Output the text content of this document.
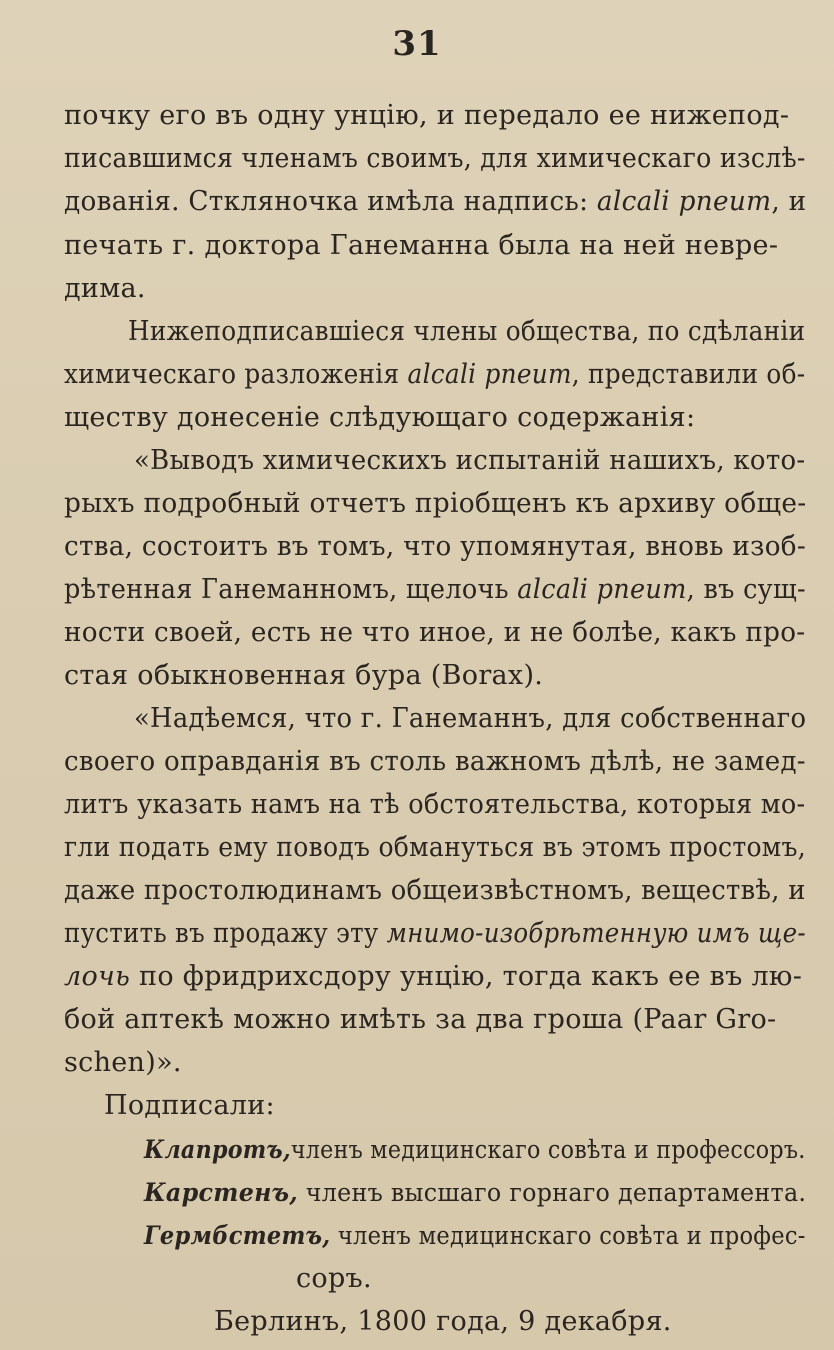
31
почку его въ одну унцію, и передало ее нижепод-
писавшимся членамъ своимъ, для химическаго изслѣ-
дованія. Стклянoчка имѣла надпись: alcali pneum, и
печать г. доктора Ганемaнна была на ней невре-
дима.
Нижеподписавшiеся члены общества, по сдѣланіи
химическаго разложенія alcali pneum, представили об-
ществу донесеніе слѣдующаго содержанія:
«Выводъ химическихъ испытаній нашихъ, кото-
рыхъ подробный отчетъ пріобщенъ къ архиву обще-
ства, состоитъ въ томъ, что упомянутая, вновь изоб-
рѣтенная Ганеманномъ, щелочь alcali pneum, въ сущ-
ности своей, есть не что иное, и не болѣе, какъ про-
стая обыкновенная бура (Borax).
«Надѣемся, что г. Ганеманнъ, для собственнаго
своего оправданія въ столь важномъ дѣлѣ, не замед-
литъ указать намъ на тѣ обстоятельства, которыя мо-
гли подать ему поводъ обмануться въ этомъ простомъ,
даже простолюдинамъ общеизвѣстномъ, веществѣ, и
пустить въ продажу эту мнимо-изобрѣтенную имъ ще-
лочь по фридрихсдору унцію, тогда какъ ее въ лю-
бой аптекѣ можно имѣть за два гроша (Paar Gro-
schen)».
Подписали:
Клапротъ,членъ медицинскаго совѣта и профессоръ.
Карстенъ, членъ высшаго горнаго департамента.
Гермбстетъ, членъ медицинскаго совѣта и профес-
соръ.
Берлинъ, 1800 года, 9 декабря.
